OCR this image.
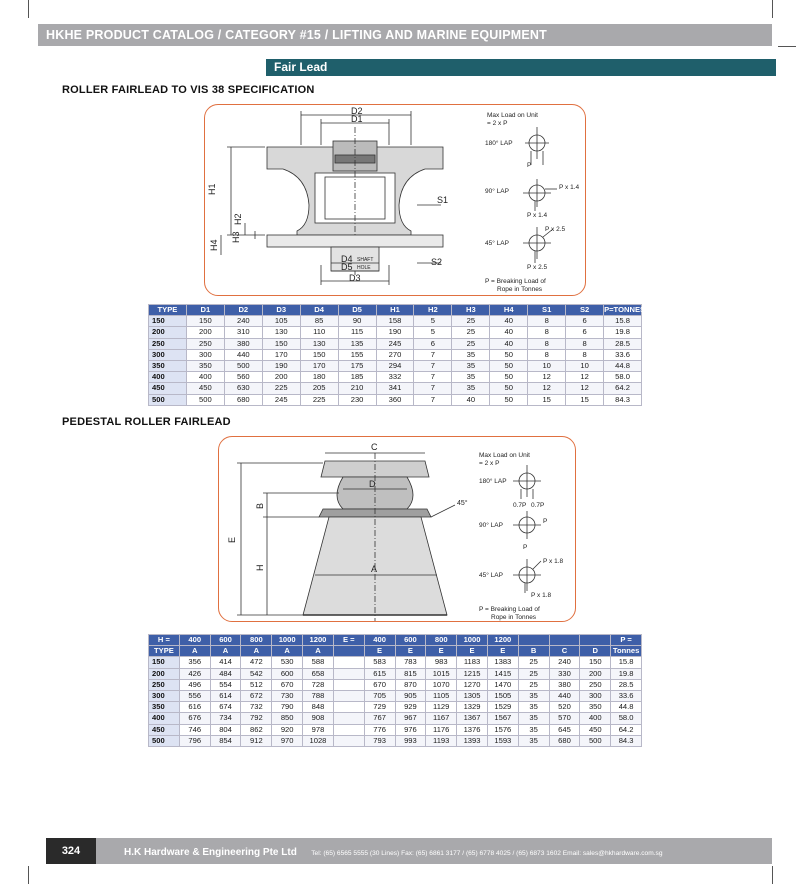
HKHE PRODUCT CATALOG / CATEGORY #15 / LIFTING AND MARINE EQUIPMENT
Fair Lead
ROLLER FAIRLEAD TO VIS 38 SPECIFICATION
D2
D1
H1
H2
H3
H4
S1
S2
D4
D5
D3
SHAFT
HOLE
Max Load on Unit
= 2 x P
180° LAP
90° LAP
45° LAP
P
P x 1.4
P x 1.4
P x 2.5
P x 2.5
P = Breaking Load of
Rope in Tonnes
TYPE	D1	D2	D3	D4	D5	H1	H2	H3	H4	S1	S2	P=TONNES
150	150	240	105	85	90	158	5	25	40	8	6	15.8
200	200	310	130	110	115	190	5	25	40	8	6	19.8
250	250	380	150	130	135	245	6	25	40	8	8	28.5
300	300	440	170	150	155	270	7	35	50	8	8	33.6
350	350	500	190	170	175	294	7	35	50	10	10	44.8
400	400	560	200	180	185	332	7	35	50	12	12	58.0
450	450	630	225	205	210	341	7	35	50	12	12	64.2
500	500	680	245	225	230	360	7	40	50	15	15	84.3
PEDESTAL ROLLER FAIRLEAD
C
D
E
B
H	A
45°
Max Load on Unit
= 2 x P
180° LAP
90° LAP
45° LAP
0.7P 0.7P
P
P
P x 1.8
P x 1.8
P = Breaking Load of
Rope in Tonnes
H =	400	600	800	1000	1200	E =	400	600	800	1000	1200				P =
TYPE	A	A	A	A	A		E	E	E	E	E	B	C	D	Tonnes
150	356	414	472	530	588		583	783	983	1183	1383	25	240	150	15.8
200	426	484	542	600	658		615	815	1015	1215	1415	25	330	200	19.8
250	496	554	512	670	728		670	870	1070	1270	1470	25	380	250	28.5
300	556	614	672	730	788		705	905	1105	1305	1505	35	440	300	33.6
350	616	674	732	790	848		729	929	1129	1329	1529	35	520	350	44.8
400	676	734	792	850	908		767	967	1167	1367	1567	35	570	400	58.0
450	746	804	862	920	978		776	976	1176	1376	1576	35	645	450	64.2
500	796	854	912	970	1028		793	993	1193	1393	1593	35	680	500	84.3
324	H.K Hardware & Engineering Pte Ltd Tel: (65) 6565 5555 (30 Lines) Fax: (65) 6861 3177 / (65) 6778 4025 / (65) 6873 1602 Email: sales@hkhardware.com.sg
